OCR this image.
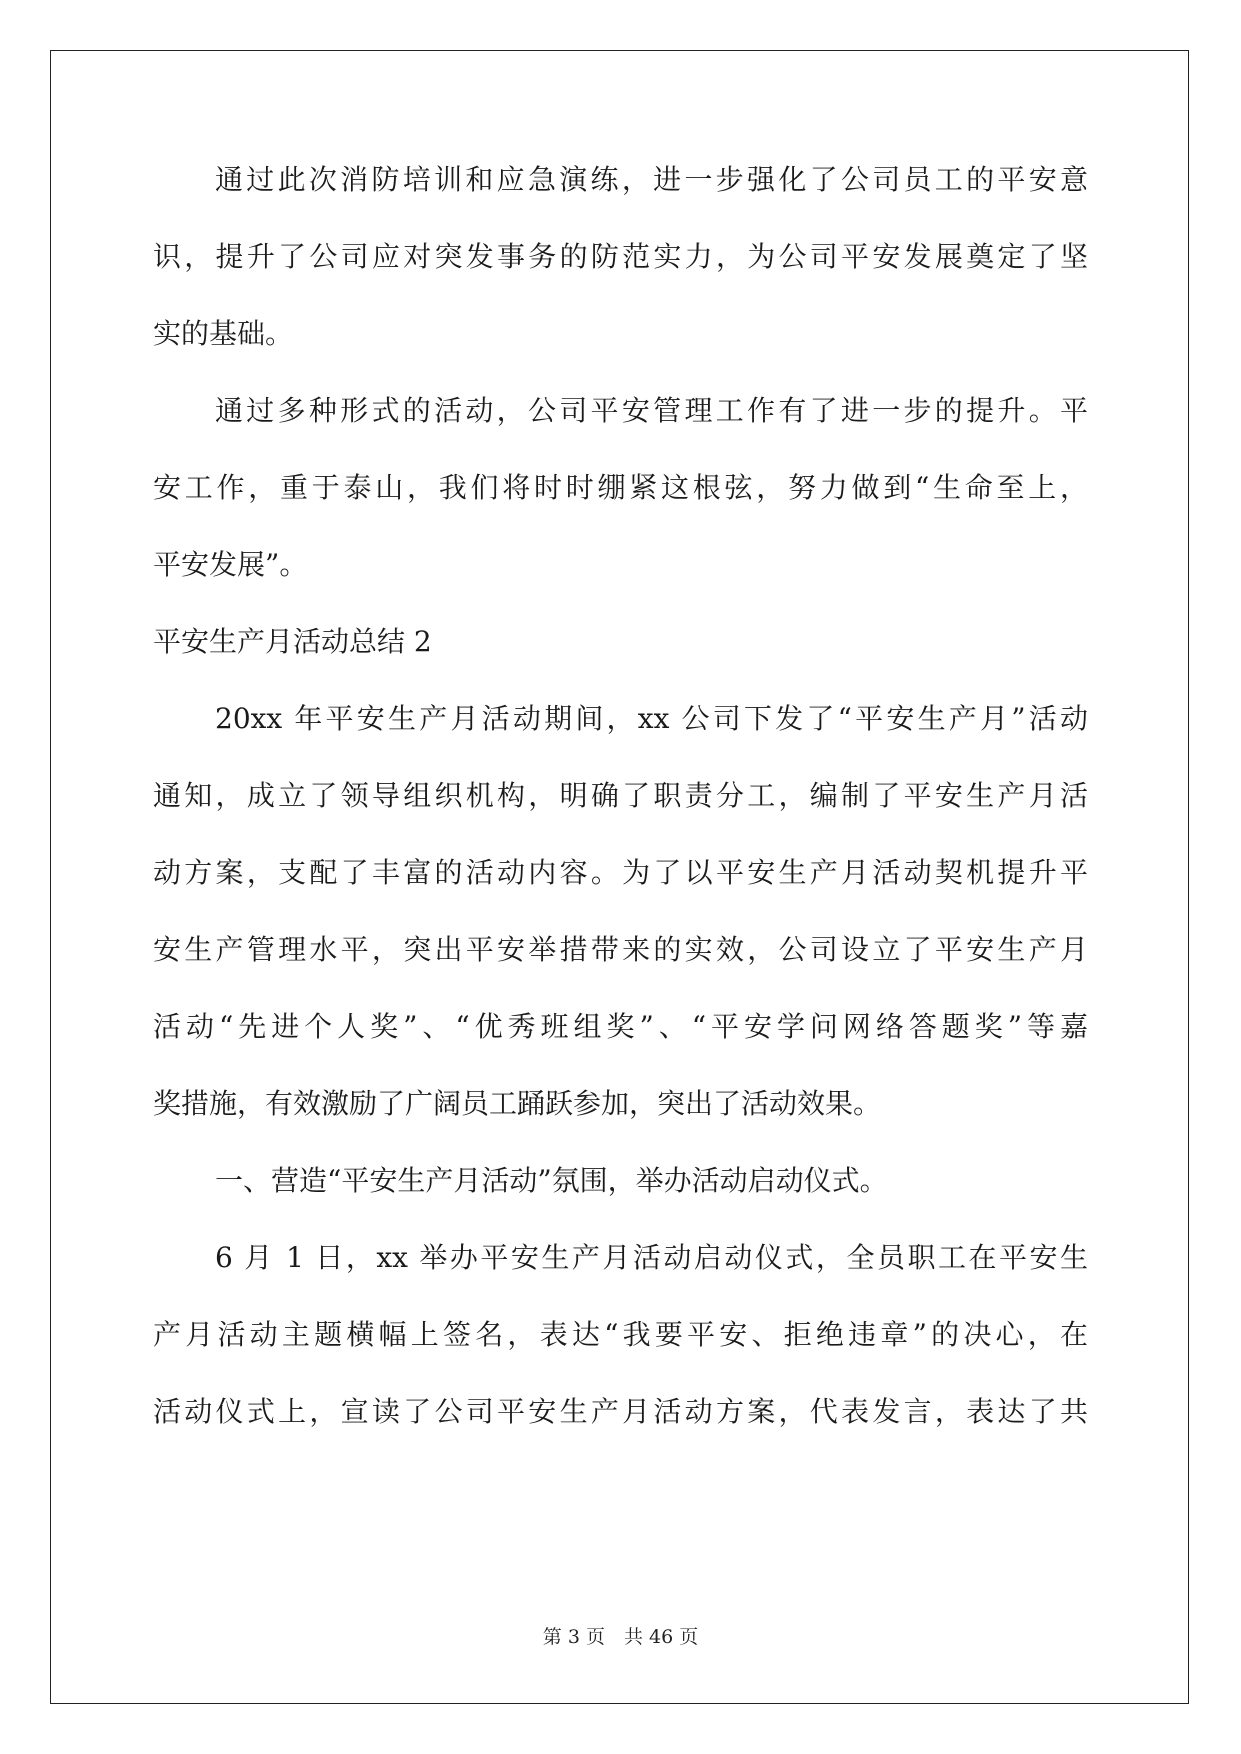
通过此次消防培训和应急演练，进一步强化了公司员工的平安意
识，提升了公司应对突发事务的防范实力，为公司平安发展奠定了坚
实的基础。
通过多种形式的活动，公司平安管理工作有了进一步的提升。平
安工作，重于泰山，我们将时时绷紧这根弦，努力做到“生命至上，
平安发展”。
平安生产月活动总结 2
20xx 年平安生产月活动期间，xx 公司下发了“平安生产月”活动
通知，成立了领导组织机构，明确了职责分工，编制了平安生产月活
动方案，支配了丰富的活动内容。为了以平安生产月活动契机提升平
安生产管理水平，突出平安举措带来的实效，公司设立了平安生产月
活动“先进个人奖”、“优秀班组奖”、“平安学问网络答题奖”等嘉
奖措施，有效激励了广阔员工踊跃参加，突出了活动效果。
一、营造“平安生产月活动”氛围，举办活动启动仪式。
6 月 1 日，xx 举办平安生产月活动启动仪式，全员职工在平安生
产月活动主题横幅上签名，表达“我要平安、拒绝违章”的决心，在
活动仪式上，宣读了公司平安生产月活动方案，代表发言，表达了共
第 3 页　共 46 页
